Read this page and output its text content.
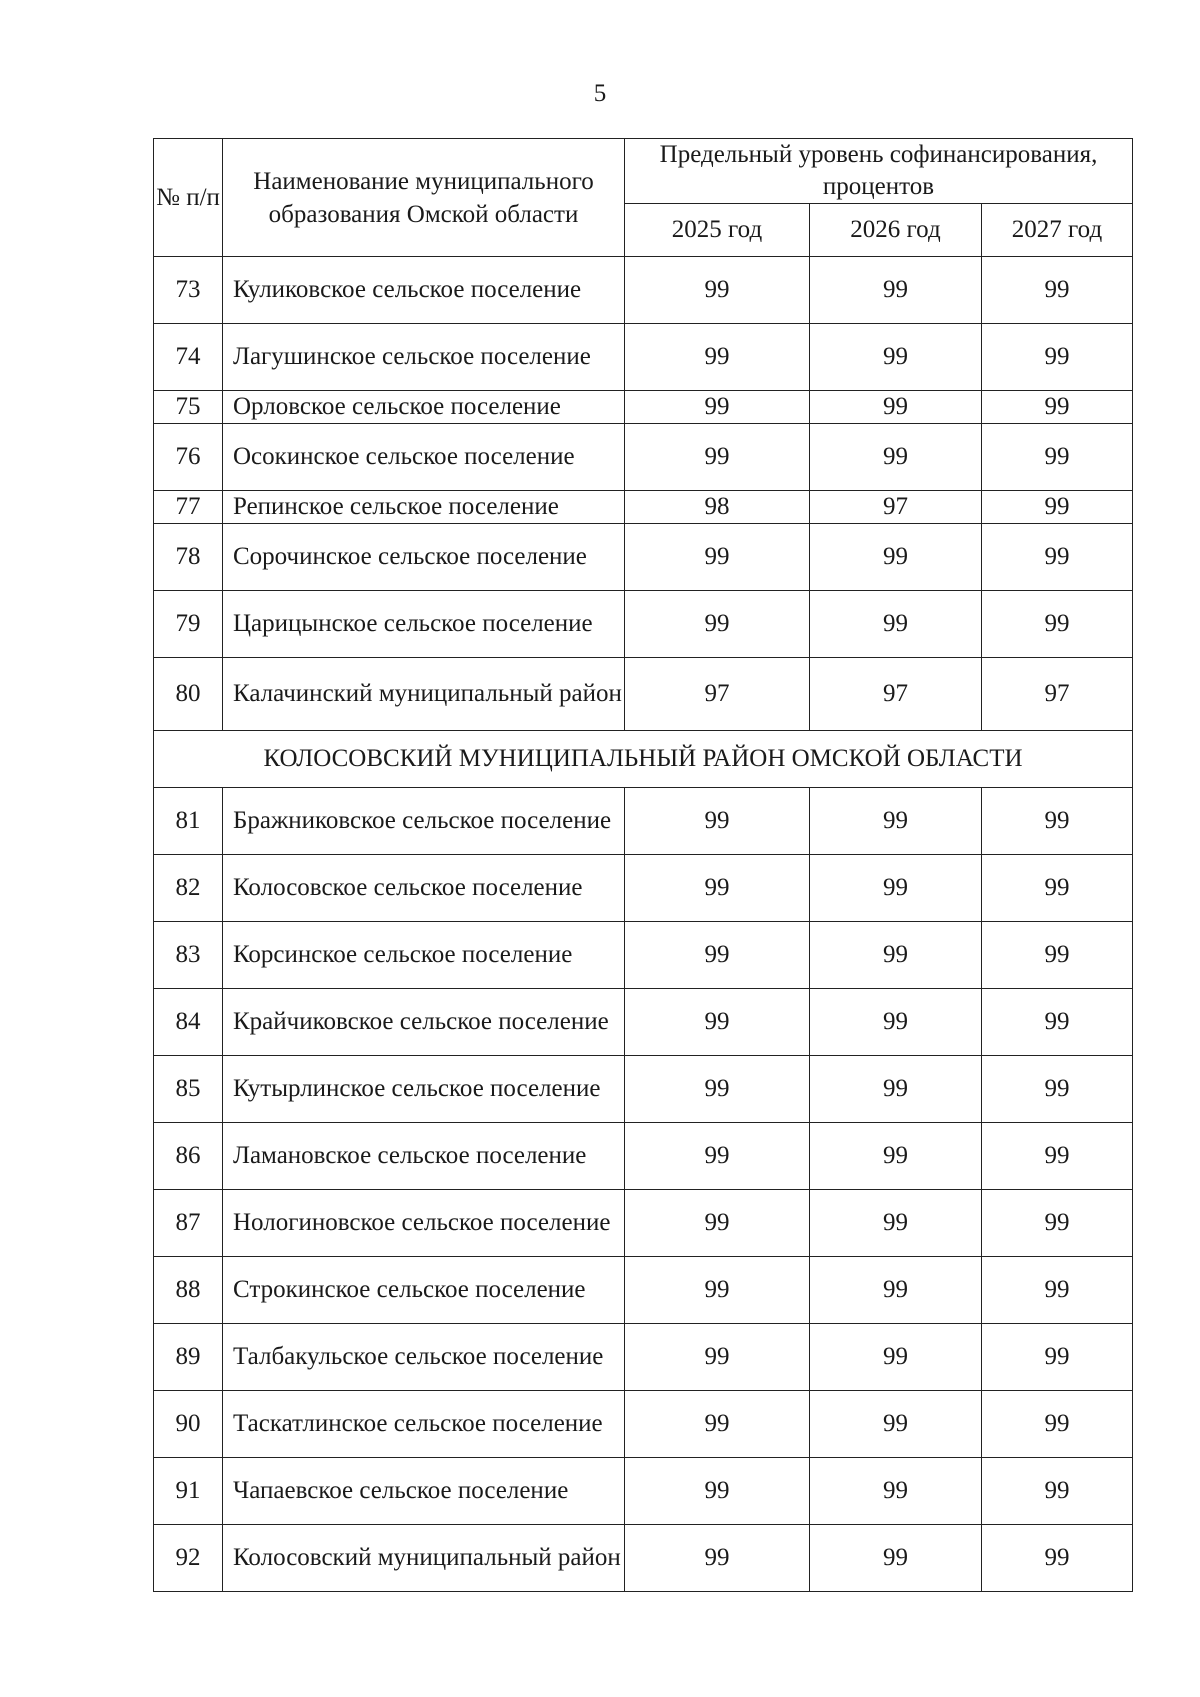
5
№ п/п	Наименование муниципального образования Омской области	Предельный уровень софинансирования, процентов		
		2025 год	2026 год	2027 год
73	Куликовское сельское поселение	99	99	99
74	Лагушинское сельское поселение	99	99	99
75	Орловское сельское поселение	99	99	99
76	Осокинское сельское поселение	99	99	99
77	Репинское сельское поселение	98	97	99
78	Сорочинское сельское поселение	99	99	99
79	Царицынское сельское поселение	99	99	99
80	Калачинский муниципальный район	97	97	97
КОЛОСОВСКИЙ МУНИЦИПАЛЬНЫЙ РАЙОН ОМСКОЙ ОБЛАСТИ				
81	Бражниковское сельское поселение	99	99	99
82	Колосовское сельское поселение	99	99	99
83	Корсинское сельское поселение	99	99	99
84	Крайчиковское сельское поселение	99	99	99
85	Кутырлинское сельское поселение	99	99	99
86	Ламановское сельское поселение	99	99	99
87	Нологиновское сельское поселение	99	99	99
88	Строкинское сельское поселение	99	99	99
89	Талбакульское сельское поселение	99	99	99
90	Таскатлинское сельское поселение	99	99	99
91	Чапаевское сельское поселение	99	99	99
92	Колосовский муниципальный район	99	99	99
